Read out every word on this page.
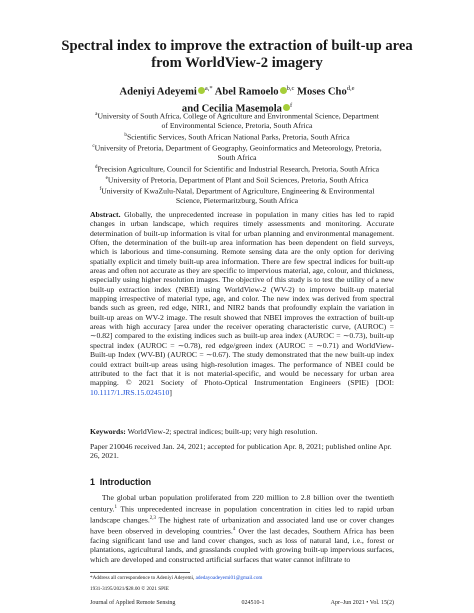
Spectral index to improve the extraction of built-up area from WorldView-2 imagery
Adeniyi Adeyemi $^{a,*}$ Abel Ramoelo $^{b,c}$ Moses Cho$^{d,e}$
and Cecilia Masemola $^f$
$^a$University of South Africa, College of Agriculture and Environmental Science, Department of Environmental Science, Pretoria, South Africa
$^b$Scientific Services, South African National Parks, Pretoria, South Africa
$^c$University of Pretoria, Department of Geography, Geoinformatics and Meteorology, Pretoria, South Africa
$^d$Precision Agriculture, Council for Scientific and Industrial Research, Pretoria, South Africa
$^e$University of Pretoria, Department of Plant and Soil Sciences, Pretoria, South Africa
$^f$University of KwaZulu-Natal, Department of Agriculture, Engineering & Environmental Science, Pietermaritzburg, South Africa
Abstract. Globally, the unprecedented increase in population in many cities has led to rapid changes in urban landscape, which requires timely assessments and monitoring. Accurate determination of built-up information is vital for urban planning and environmental management. Often, the determination of the built-up area information has been dependent on field surveys, which is laborious and time-consuming. Remote sensing data are the only option for deriving spatially explicit and timely built-up area information. There are few spectral indices for built-up areas and often not accurate as they are specific to impervious material, age, colour, and thickness, especially using higher resolution images. The objective of this study is to test the utility of a new built-up extraction index (NBEI) using WorldView-2 (WV-2) to improve built-up material mapping irrespective of material type, age, and color. The new index was derived from spectral bands such as green, red edge, NIR1, and NIR2 bands that profoundly explain the variation in built-up areas on WV-2 image. The result showed that NBEI improves the extraction of built-up areas with high accuracy [area under the receiver operating characteristic curve, (AUROC) = ∼0.82] compared to the existing indices such as built-up area index (AUROC = ∼0.73), built-up spectral index (AUROC = ∼0.78), red edge/green index (AUROC = ∼0.71) and WorldView-Built-up Index (WV-BI) (AUROC = ∼0.67). The study demonstrated that the new built-up index could extract built-up areas using high-resolution images. The performance of NBEI could be attributed to the fact that it is not material-specific, and would be necessary for urban area mapping. © 2021 Society of Photo-Optical Instrumentation Engineers (SPIE) [DOI: 10.1117/1.JRS.15.024510]
Keywords: WorldView-2; spectral indices; built-up; very high resolution.
Paper 210046 received Jan. 24, 2021; accepted for publication Apr. 8, 2021; published online Apr. 26, 2021.
1 Introduction
The global urban population proliferated from 220 million to 2.8 billion over the twentieth century.$^1$ This unprecedented increase in population concentration in cities led to rapid urban landscape changes.$^{2,3}$ The highest rate of urbanization and associated land use or cover changes have been observed in developing countries.$^4$ Over the last decades, Southern Africa has been facing significant land use and land cover changes, such as loss of natural land, i.e., forest or plantations, agricultural lands, and grasslands coupled with growing built-up impervious surfaces, which are developed and constructed artificial surfaces that water cannot infiltrate to
*Address all correspondence to Adeniyi Adeyemi, adedayoadeyemi01@gmail.com
1931-3195/2021/$28.00 © 2021 SPIE
Journal of Applied Remote Sensing	024510-1	Apr–Jun 2021 • Vol. 15(2)
